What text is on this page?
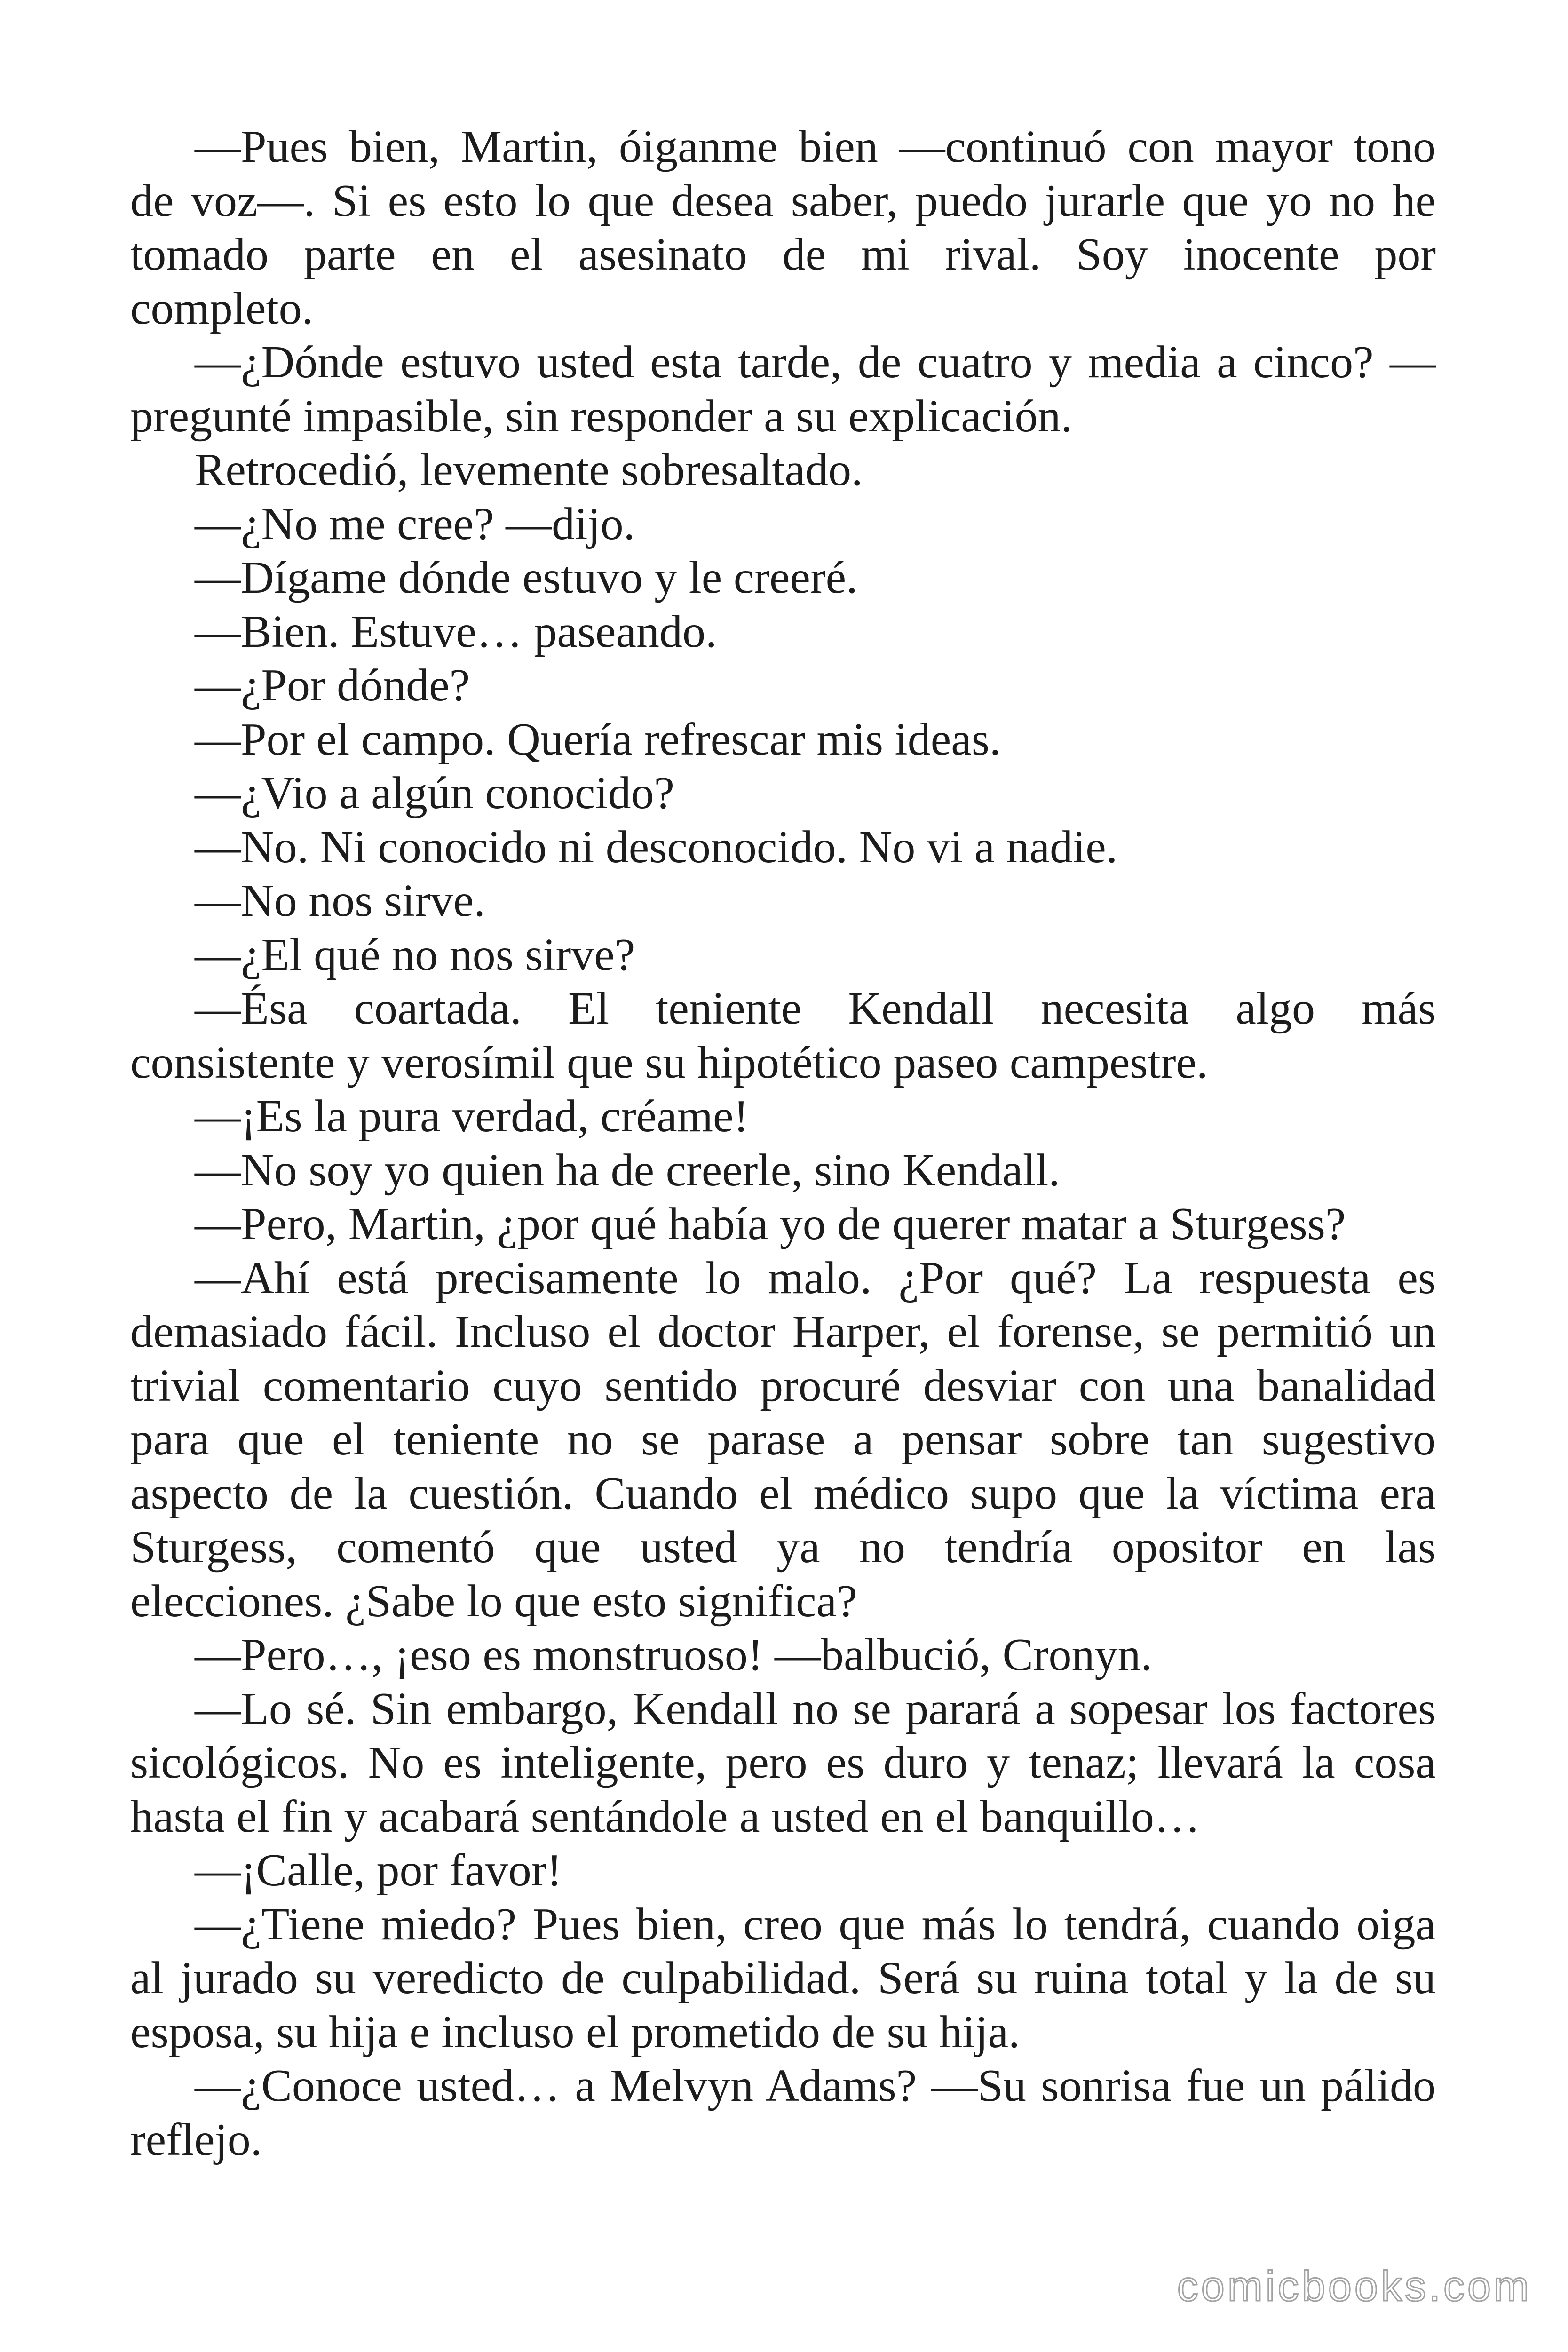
—Pues bien, Martin, óiganme bien —continuó con mayor tono
de voz—. Si es esto lo que desea saber, puedo jurarle que yo no he
tomado parte en el asesinato de mi rival. Soy inocente por
completo.
—¿Dónde estuvo usted esta tarde, de cuatro y media a cinco? —
pregunté impasible, sin responder a su explicación.
Retrocedió, levemente sobresaltado.
—¿No me cree? —dijo.
—Dígame dónde estuvo y le creeré.
—Bien. Estuve… paseando.
—¿Por dónde?
—Por el campo. Quería refrescar mis ideas.
—¿Vio a algún conocido?
—No. Ni conocido ni desconocido. No vi a nadie.
—No nos sirve.
—¿El qué no nos sirve?
—Ésa coartada. El teniente Kendall necesita algo más
consistente y verosímil que su hipotético paseo campestre.
—¡Es la pura verdad, créame!
—No soy yo quien ha de creerle, sino Kendall.
—Pero, Martin, ¿por qué había yo de querer matar a Sturgess?
—Ahí está precisamente lo malo. ¿Por qué? La respuesta es
demasiado fácil. Incluso el doctor Harper, el forense, se permitió un
trivial comentario cuyo sentido procuré desviar con una banalidad
para que el teniente no se parase a pensar sobre tan sugestivo
aspecto de la cuestión. Cuando el médico supo que la víctima era
Sturgess, comentó que usted ya no tendría opositor en las
elecciones. ¿Sabe lo que esto significa?
—Pero…, ¡eso es monstruoso! —balbució, Cronyn.
—Lo sé. Sin embargo, Kendall no se parará a sopesar los factores
sicológicos. No es inteligente, pero es duro y tenaz; llevará la cosa
hasta el fin y acabará sentándole a usted en el banquillo…
—¡Calle, por favor!
—¿Tiene miedo? Pues bien, creo que más lo tendrá, cuando oiga
al jurado su veredicto de culpabilidad. Será su ruina total y la de su
esposa, su hija e incluso el prometido de su hija.
—¿Conoce usted… a Melvyn Adams? —Su sonrisa fue un pálido
reflejo.
comicbooks.com
